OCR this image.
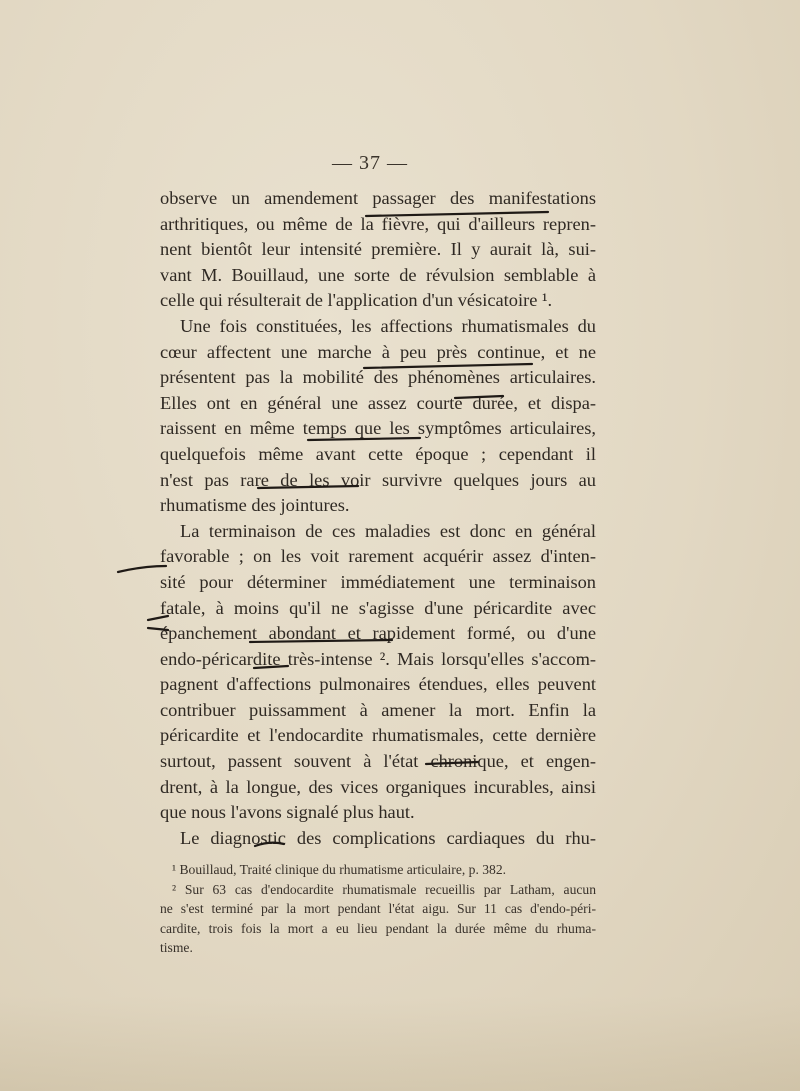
— 37 —
observe un amendement passager des manifestations
arthritiques, ou même de la fièvre, qui d'ailleurs repren-
nent bientôt leur intensité première. Il y aurait là, sui-
vant M. Bouillaud, une sorte de révulsion semblable à
celle qui résulterait de l'application d'un vésicatoire ¹.
Une fois constituées, les affections rhumatismales du
cœur affectent une marche à peu près continue, et ne
présentent pas la mobilité des phénomènes articulaires.
Elles ont en général une assez courte durée, et dispa-
raissent en même temps que les symptômes articulaires,
quelquefois même avant cette époque ; cependant il
n'est pas rare de les voir survivre quelques jours au
rhumatisme des jointures.
La terminaison de ces maladies est donc en général
favorable ; on les voit rarement acquérir assez d'inten-
sité pour déterminer immédiatement une terminaison
fatale, à moins qu'il ne s'agisse d'une péricardite avec
épanchement abondant et rapidement formé, ou d'une
endo-péricardite très-intense ². Mais lorsqu'elles s'accom-
pagnent d'affections pulmonaires étendues, elles peuvent
contribuer puissamment à amener la mort. Enfin la
péricardite et l'endocardite rhumatismales, cette dernière
surtout, passent souvent à l'état chronique, et engen-
drent, à la longue, des vices organiques incurables, ainsi
que nous l'avons signalé plus haut.
Le diagnostic des complications cardiaques du rhu-
¹ Bouillaud, Traité clinique du rhumatisme articulaire, p. 382.
² Sur 63 cas d'endocardite rhumatismale recueillis par Latham, aucun
ne s'est terminé par la mort pendant l'état aigu. Sur 11 cas d'endo-péri-
cardite, trois fois la mort a eu lieu pendant la durée même du rhuma-
tisme.
